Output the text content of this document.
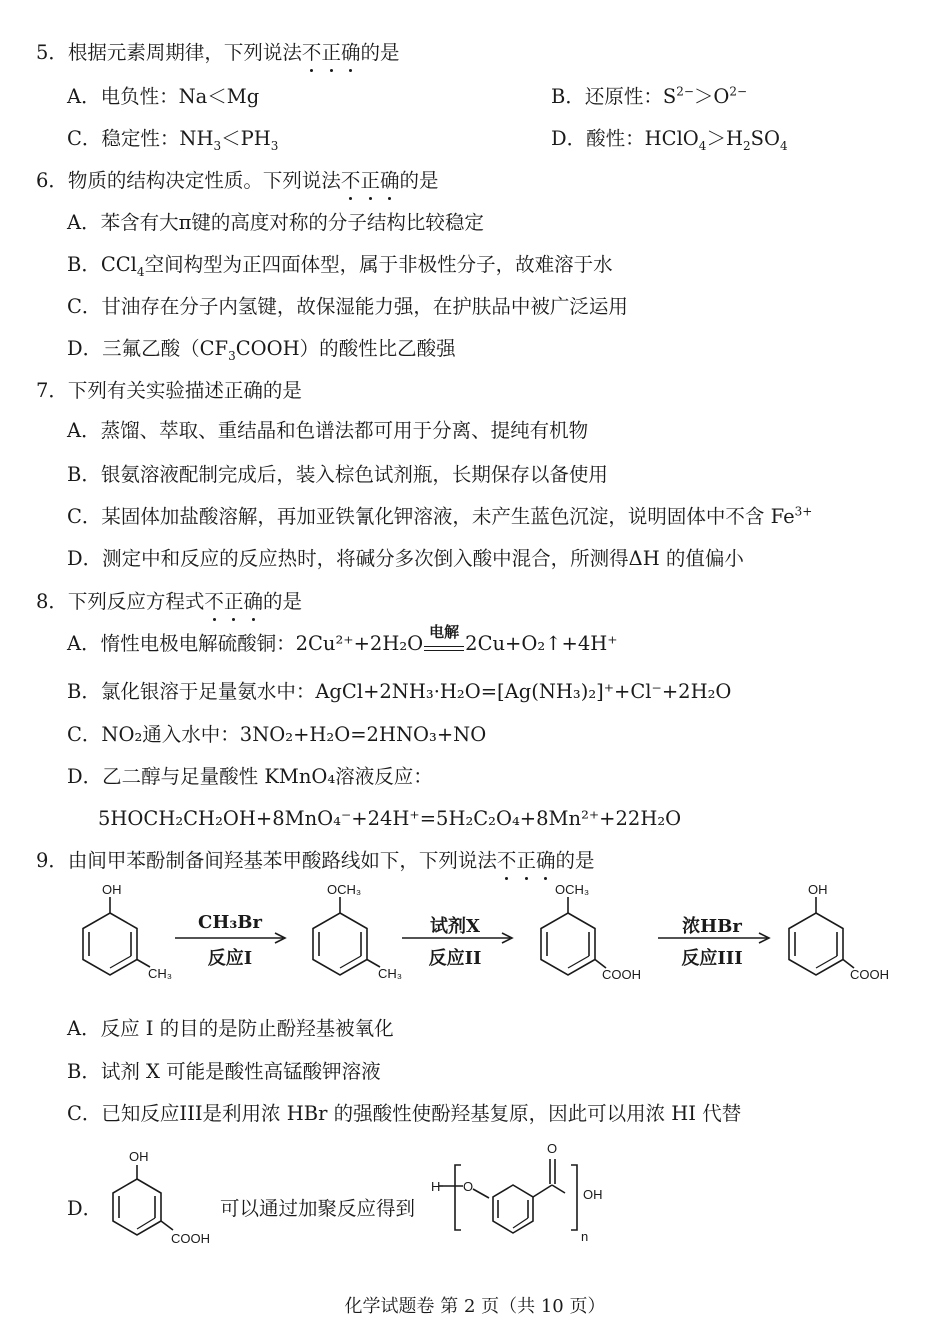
5．根据元素周期律，下列说法不正确的是
A．电负性：Na＜Mg	B．还原性：$S^{2-}>O^{2-}$
C．稳定性：$NH_3<PH_3$	D．酸性：$HClO_4>H_2SO_4$
6．物质的结构决定性质。下列说法不正确的是
A．苯含有大π键的高度对称的分子结构比较稳定
B．CCl$_4$空间构型为正四面体型，属于非极性分子，故难溶于水
C．甘油存在分子内氢键，故保湿能力强，在护肤品中被广泛运用
D．三氟乙酸$(CF_3COOH)$的酸性比乙酸强
7．下列有关实验描述正确的是
A．蒸馏、萃取、重结晶和色谱法都可用于分离、提纯有机物
B．银氨溶液配制完成后，装入棕色试剂瓶，长期保存以备使用
C．某固体加盐酸溶解，再加亚铁氰化钾溶液，未产生蓝色沉淀，说明固体中不含 $Fe^{3+}$
D．测定中和反应的反应热时，将碱分多次倒入酸中混合，所测得ΔH 的值偏小
8．下列反应方程式不正确的是
A．惰性电极电解硫酸铜：2Cu²⁺+2H₂O 电解 2Cu+O₂↑+4H⁺
B．氯化银溶于足量氨水中：AgCl+2NH₃·H₂O=[Ag(NH₃)₂]⁺+Cl⁻+2H₂O
C．NO₂通入水中：3NO₂+H₂O=2HNO₃+NO
D．乙二醇与足量酸性 KMnO₄溶液反应：
5HOCH₂CH₂OH+8MnO₄⁻+24H⁺=5H₂C₂O₄+8Mn²⁺+22H₂O
9．由间甲苯酚制备间羟基苯甲酸路线如下，下列说法不正确的是
OH
CH₃
OCH₃
CH₃
OCH₃
COOH
OH
COOH
CH₃Br
反应I
试剂X
反应II
浓HBr
反应III
A．反应 I 的目的是防止酚羟基被氧化
B．试剂 X 可能是酸性高锰酸钾溶液
C．已知反应III是利用浓 HBr 的强酸性使酚羟基复原，因此可以用浓 HI 代替
D．
OH
COOH
可以通过加聚反应得到
H O
O
OH
n
化学试题卷 第 2 页（共 10 页）
